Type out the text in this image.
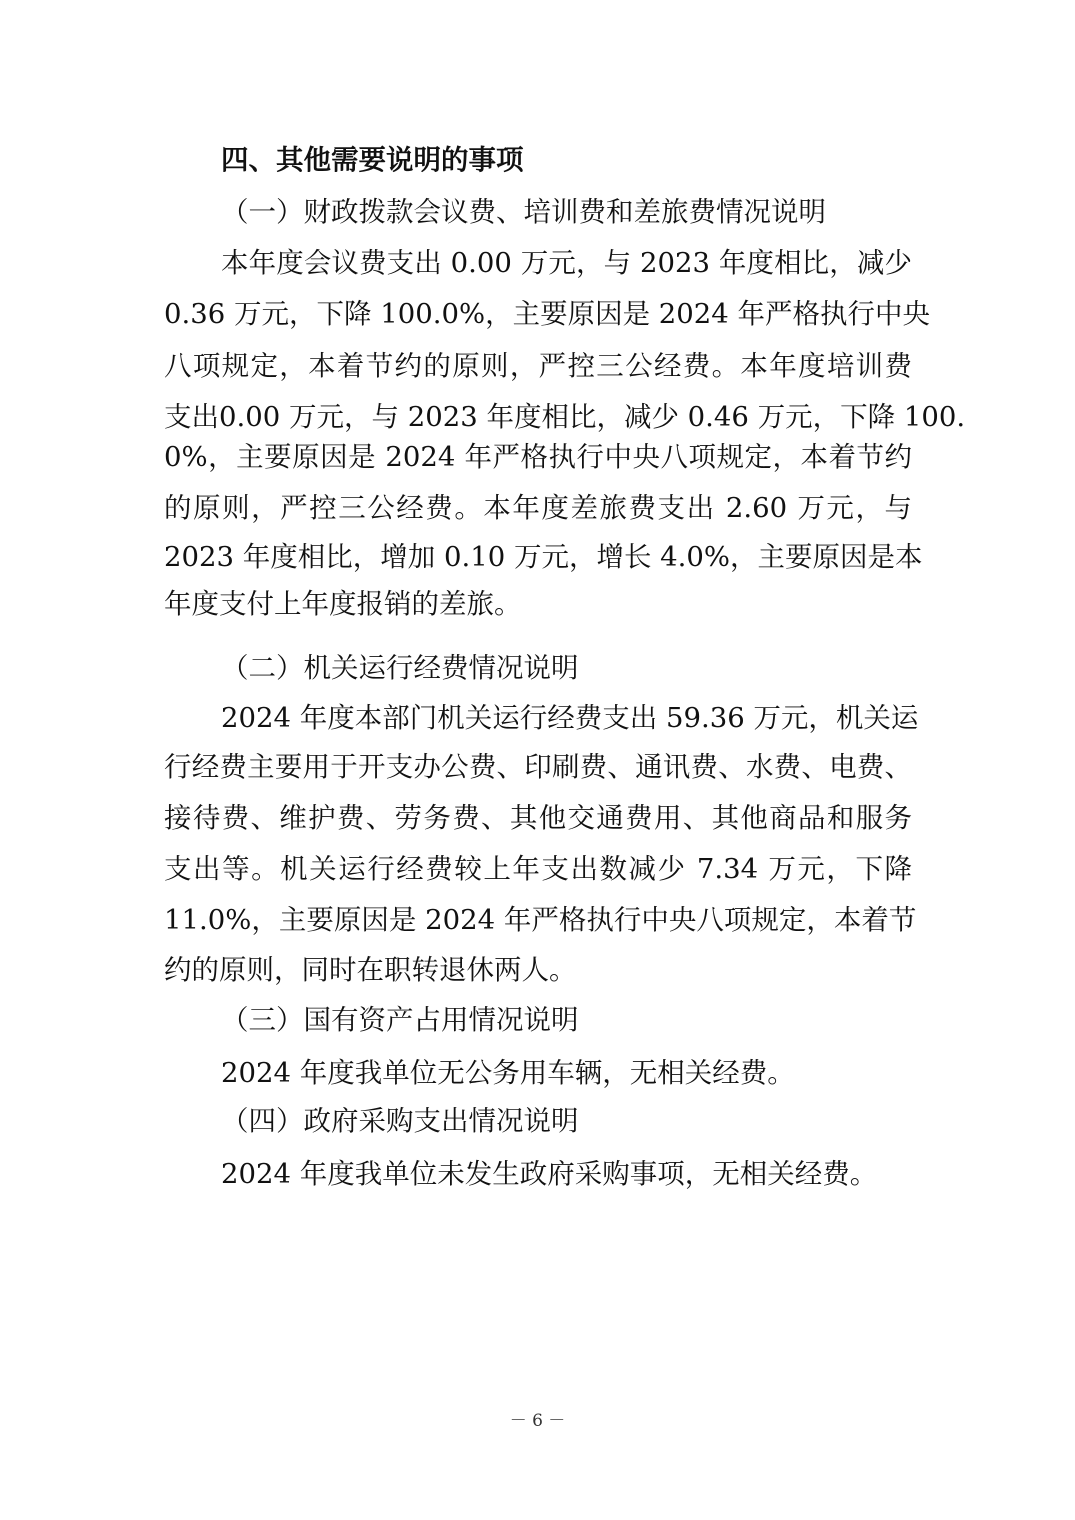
四、其他需要说明的事项
（一）财政拨款会议费、培训费和差旅费情况说明
本年度会议费支出 0.00 万元，与 2023 年度相比，减少
0.36 万元，下降 100.0%，主要原因是 2024 年严格执行中央
八项规定，本着节约的原则，严控三公经费。本年度培训费
支出0.00 万元，与 2023 年度相比，减少 0.46 万元，下降 100.
0%，主要原因是 2024 年严格执行中央八项规定，本着节约
的原则，严控三公经费。本年度差旅费支出 2.60 万元，与
2023 年度相比，增加 0.10 万元，增长 4.0%，主要原因是本
年度支付上年度报销的差旅。
（二）机关运行经费情况说明
2024 年度本部门机关运行经费支出 59.36 万元，机关运
行经费主要用于开支办公费、印刷费、通讯费、水费、电费、
接待费、维护费、劳务费、其他交通费用、其他商品和服务
支出等。机关运行经费较上年支出数减少 7.34 万元，下降
11.0%，主要原因是 2024 年严格执行中央八项规定，本着节
约的原则，同时在职转退休两人。
（三）国有资产占用情况说明
2024 年度我单位无公务用车辆，无相关经费。
（四）政府采购支出情况说明
2024 年度我单位未发生政府采购事项，无相关经费。
－ 6 －
